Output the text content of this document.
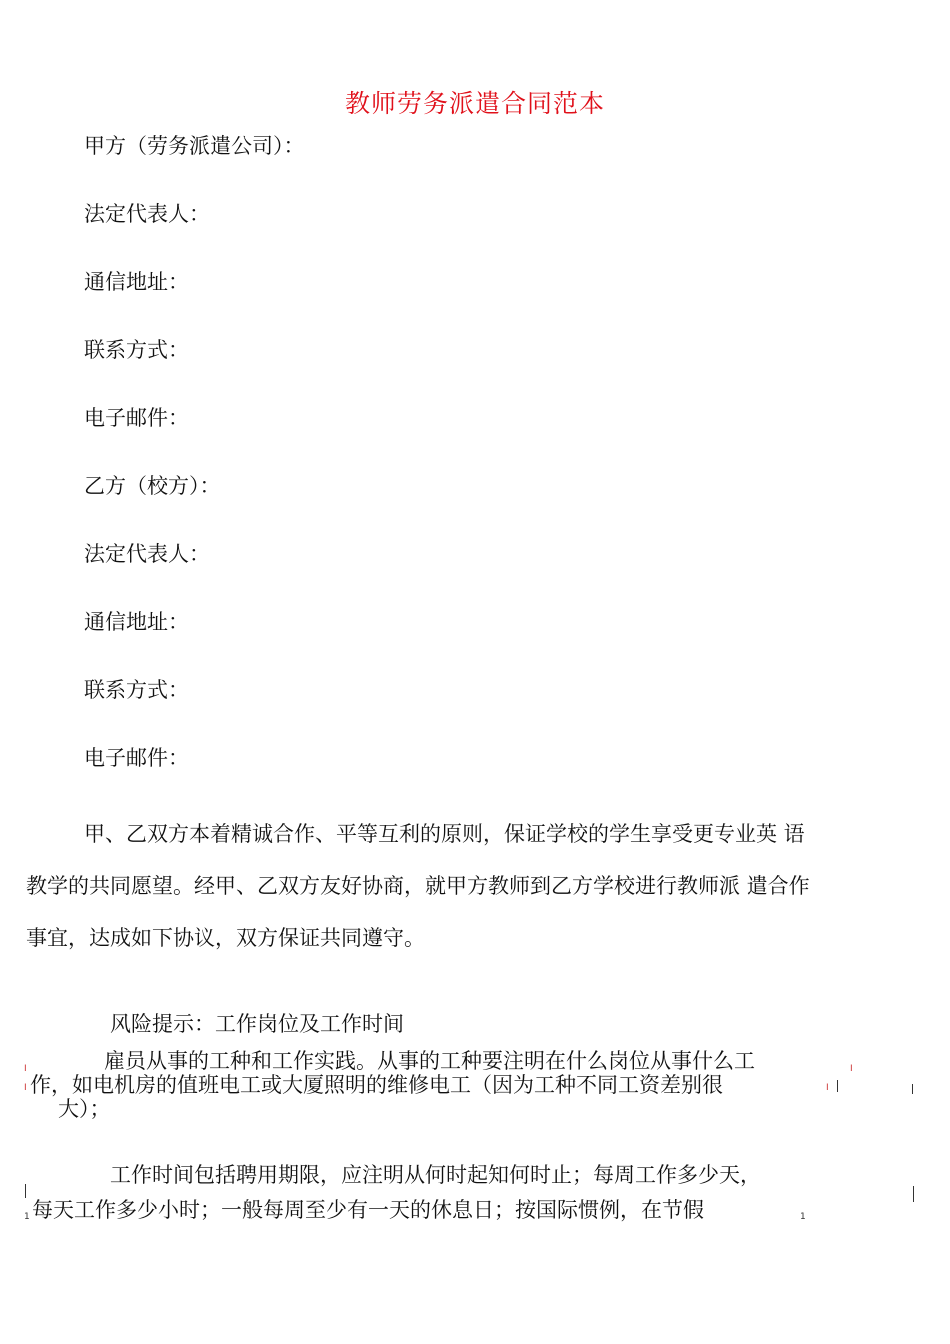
教师劳务派遣合同范本
甲方（劳务派遣公司）：
法定代表人：
通信地址：
联系方式：
电子邮件：
乙方（校方）：
法定代表人：
通信地址：
联系方式：
电子邮件：
甲、乙双方本着精诚合作、平等互利的原则，保证学校的学生享受更专业英 语
教学的共同愿望。经甲、乙双方友好协商，就甲方教师到乙方学校进行教师派 遣合作
事宜，达成如下协议，双方保证共同遵守。
风险提示：工作岗位及工作时间
I
I
I
I
雇员从事的工种和工作实践。从事的工种要注明在什么岗位从事什么工
作，如电机房的值班电工或大厦照明的维修电工（因为工种不同工资差别很
大）；
1	1
工作时间包括聘用期限，应注明从何时起知何时止；每周工作多少天，
每天工作多少小时；一般每周至少有一天的休息日；按国际惯例，在节假
